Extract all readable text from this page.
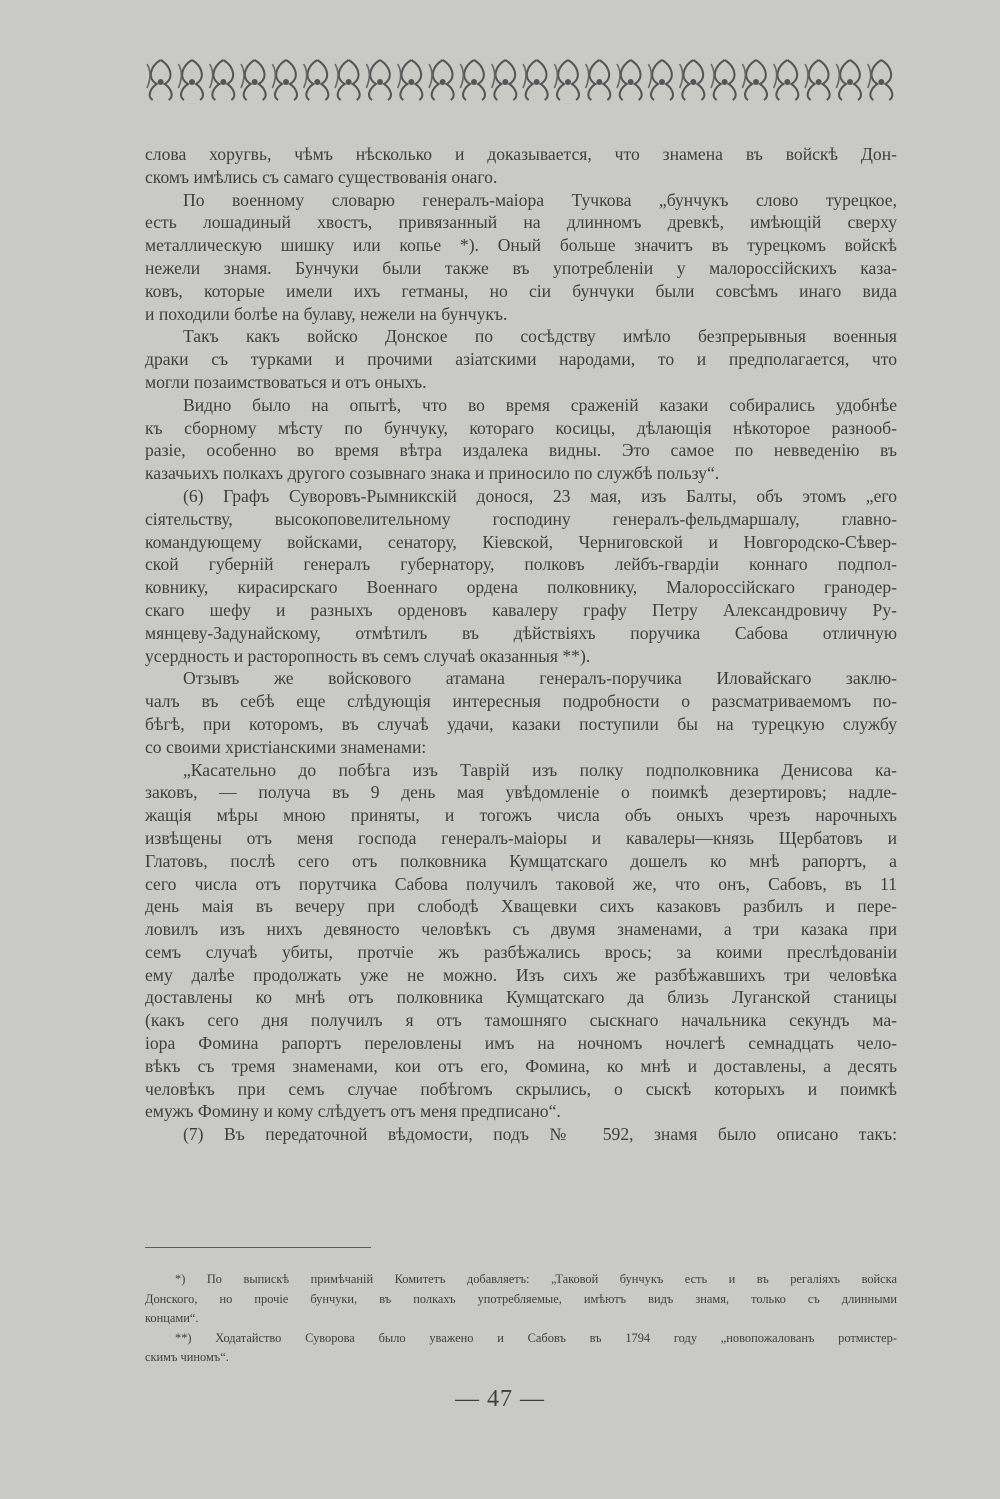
слова хоругвь, чѣмъ нѣсколько и доказывается, что знамена въ войскѣ Дон-
скомъ имѣлись съ самаго существованія онаго.
По военному словарю генералъ-маіора Тучкова „бунчукъ слово турецкое,
есть лошадиный хвостъ, привязанный на длинномъ древкѣ, имѣющій сверху
металлическую шишку или копье *). Оный больше значитъ въ турецкомъ войскѣ
нежели знамя. Бунчуки были также въ употребленіи у малороссійскихъ каза-
ковъ, которые имели ихъ гетманы, но сіи бунчуки были совсѣмъ инаго вида
и походили болѣе на булаву, нежели на бунчукъ.
Такъ какъ войско Донское по сосѣдству имѣло безпрерывныя военныя
драки съ турками и прочими азіатскими народами, то и предполагается, что
могли позаимствоваться и отъ оныхъ.
Видно было на опытѣ, что во время сраженій казаки собирались удобнѣе
къ сборному мѣсту по бунчуку, котораго косицы, дѣлающія нѣкоторое разнооб-
разіе, особенно во время вѣтра издалека видны. Это самое по невведенію въ
казачьихъ полкахъ другого созывнаго знака и приносило по службѣ пользу“.
(6) Графъ Суворовъ-Рымникскій донося, 23 мая, изъ Балты, объ этомъ „его
сіятельству, высокоповелительному господину генералъ-фельдмаршалу, главно-
командующему войсками, сенатору, Кіевской, Черниговской и Новгородско-Сѣвер-
ской губерній генералъ губернатору, полковъ лейбъ-гвардіи коннаго подпол-
ковнику, кирасирскаго Военнаго ордена полковнику, Малороссійскаго гранодер-
скаго шефу и разныхъ орденовъ кавалеру графу Петру Александровичу Ру-
мянцеву-Задунайскому, отмѣтилъ въ дѣйствіяхъ поручика Сабова отличную
усердность и расторопность въ семъ случаѣ оказанныя **).
Отзывъ же войскового атамана генералъ-поручика Иловайскаго заклю-
чалъ въ себѣ еще слѣдующія интересныя подробности о разсматриваемомъ по-
бѣгѣ, при которомъ, въ случаѣ удачи, казаки поступили бы на турецкую службу
со своими христіанскими знаменами:
„Касательно до побѣга изъ Таврій изъ полку подполковника Денисова ка-
заковъ, — получа въ 9 день мая увѣдомленіе о поимкѣ дезертировъ; надле-
жащія мѣры мною приняты, и тогожъ числа объ оныхъ чрезъ нарочныхъ
извѣщены отъ меня господа генералъ-маіоры и кавалеры—князь Щербатовъ и
Глатовъ, послѣ сего отъ полковника Кумщатскаго дошелъ ко мнѣ рапортъ, а
сего числа отъ порутчика Сабова получилъ таковой же, что онъ, Сабовъ, въ 11
день маія въ вечеру при слободѣ Хващевки сихъ казаковъ разбилъ и пере-
ловилъ изъ нихъ девяносто человѣкъ съ двумя знаменами, а три казака при
семъ случаѣ убиты, протчіе жъ разбѣжались врось; за коими преслѣдованіи
ему далѣе продолжать уже не можно. Изъ сихъ же разбѣжавшихъ три человѣка
доставлены ко мнѣ отъ полковника Кумщатскаго да близь Луганской станицы
(какъ сего дня получилъ я отъ тамошняго сыскнаго начальника секундъ ма-
іора Фомина рапортъ переловлены имъ на ночномъ ночлегѣ семнадцать чело-
вѣкъ съ тремя знаменами, кои отъ его, Фомина, ко мнѣ и доставлены, а десять
человѣкъ при семъ случае побѣгомъ скрылись, о сыскѣ которыхъ и поимкѣ
емужъ Фомину и кому слѣдуетъ отъ меня предписано“.
(7) Въ передаточной вѣдомости, подъ № 592, знамя было описано такъ:
*) По выпискѣ примѣчаній Комитетъ добавляетъ: „Таковой бунчукъ есть и въ регаліяхъ войска
Донского, но прочіе бунчуки, въ полкахъ употребляемые, имѣютъ видъ знамя, только съ длинными
концами“.
**) Ходатайство Суворова было уважено и Сабовъ въ 1794 году „новопожалованъ ротмистер-
скимъ чиномъ“.
— 47 —
